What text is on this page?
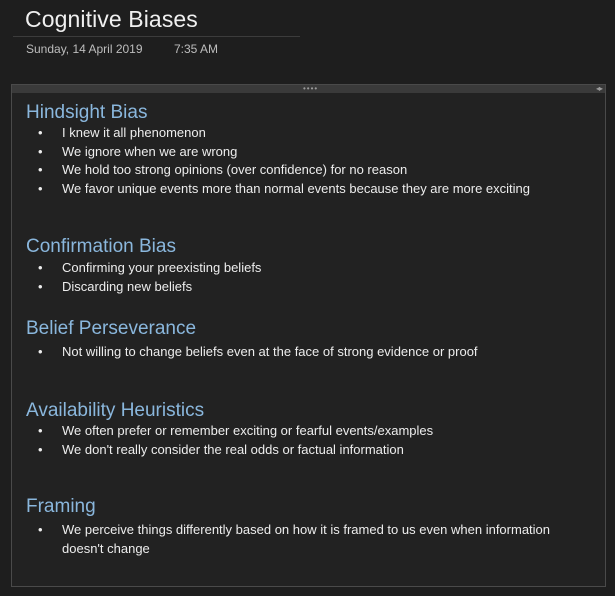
Cognitive Biases
Sunday, 14 April 2019	7:35 AM
••••	◂▸
Hindsight Bias
• I knew it all phenomenon
• We ignore when we are wrong
• We hold too strong opinions (over confidence) for no reason
• We favor unique events more than normal events because they are more exciting
Confirmation Bias
• Confirming your preexisting beliefs
• Discarding new beliefs
Belief Perseverance
• Not willing to change beliefs even at the face of strong evidence or proof
Availability Heuristics
• We often prefer or remember exciting or fearful events/examples
• We don't really consider the real odds or factual information
Framing
• We perceive things differently based on how it is framed to us even when information doesn't change
